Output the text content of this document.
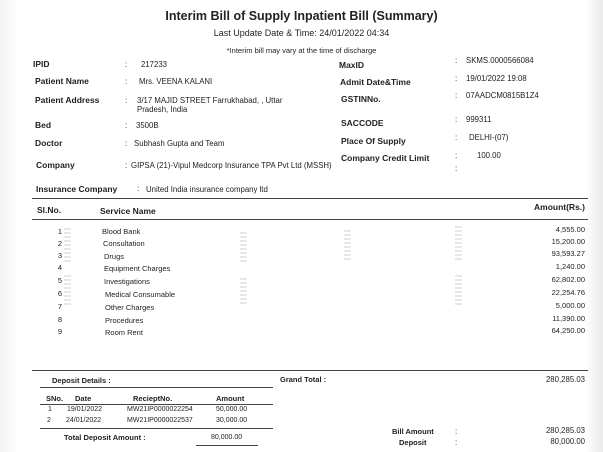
Interim Bill of Supply Inpatient Bill (Summary)
Last Update Date & Time: 24/01/2022 04:34
*Interim bill may vary at the time of discharge
IPID	: 217233
Patient Name	: Mrs. VEENA KALANI
Patient Address	: 3/17 MAJID STREET Farrukhabad, , Uttar Pradesh, India
Bed	: 3500B
Doctor	: Subhash Gupta and Team
Company	: GIPSA (21)-Vipul Medcorp Insurance TPA Pvt Ltd (MSSH)
Insurance Company : United India insurance company ltd
MaxID	: SKMS.0000566084
Admit Date&Time	: 19/01/2022 19:08
GSTINNo.	: 07AADCM0815B1Z4
SACCODE	: 999311
Place Of Supply	: DELHI-(07)
Company Credit Limit	:	100.00
:
Sl.No.	Service Name	Amount(Rs.)
1	Blood Bank	4,555.00
2	Consultation	15,200.00
3	Drugs	93,593.27
4	Equipment Charges	1,240.00
5	Investigations	62,802.00
6	Medical Consumable	22,254.76
7	Other Charges	5,000.00
8	Procedures	11,390.00
9	Room Rent	64,250.00
Deposit Details :	Grand Total :	280,285.03
SNo. Date	RecieptNo.	Amount
1 19/01/2022	MW21IP0000022254	50,000.00
2 24/01/2022	MW21IP0000022537	30,000.00
Total Deposit Amount :	80,000.00
Bill Amount	:	280,285.03
Deposit	:	80,000.00
